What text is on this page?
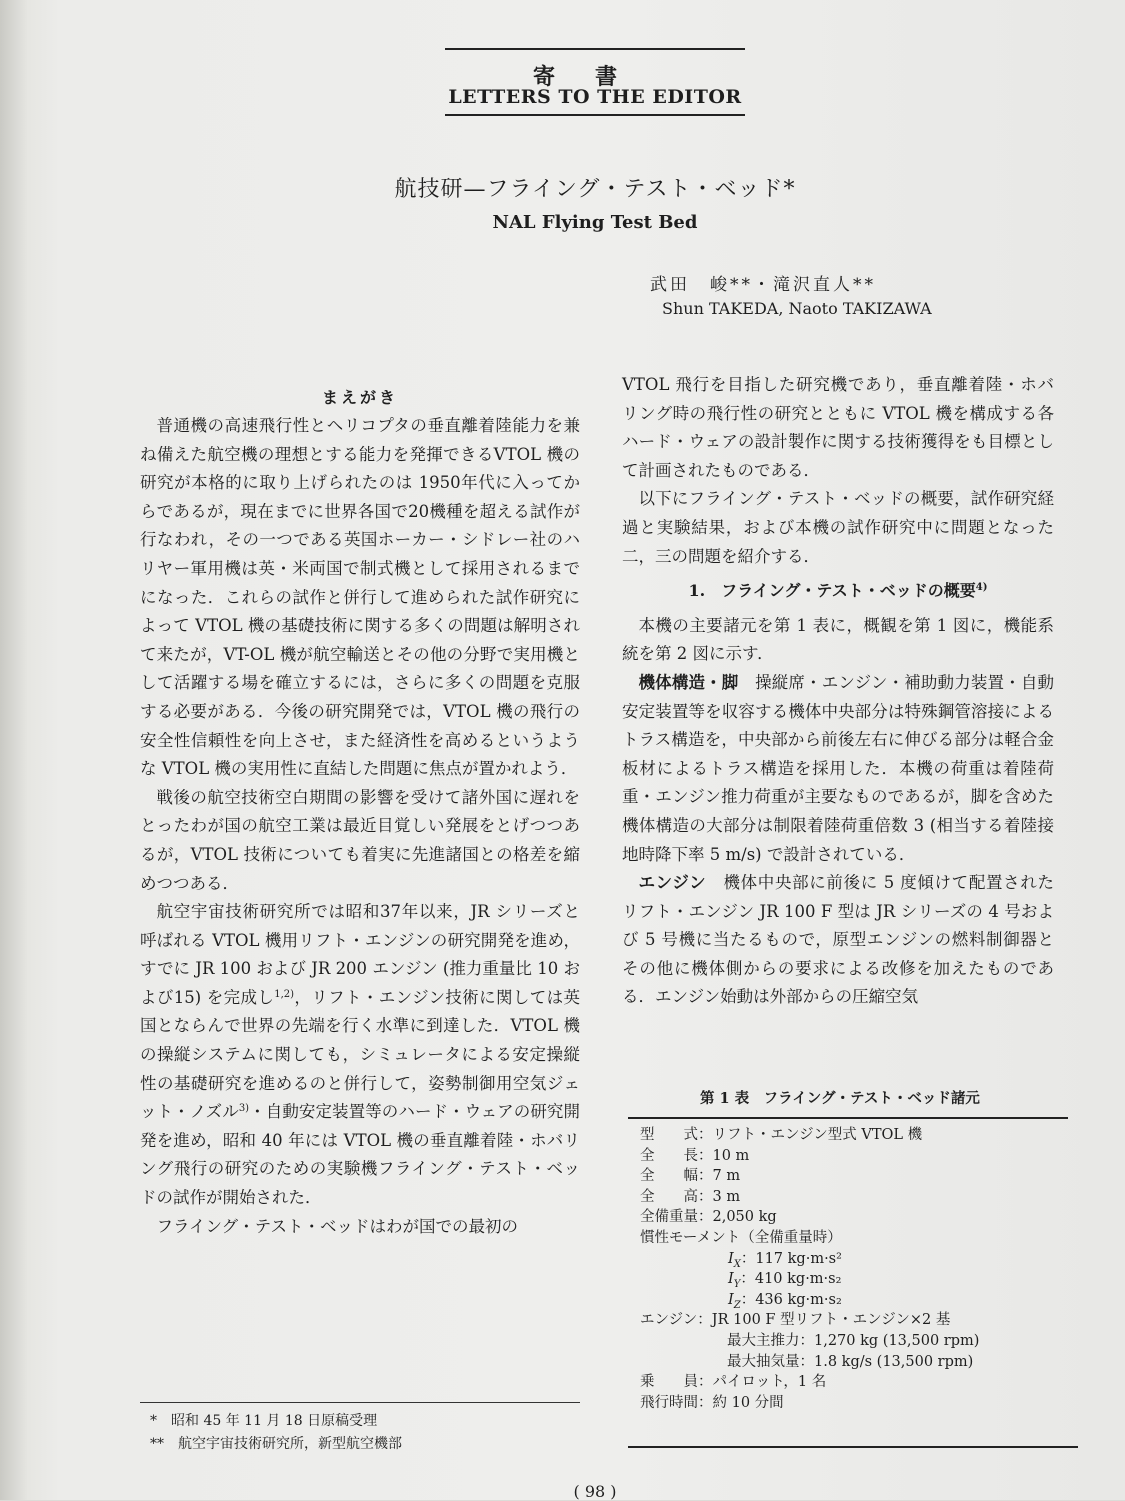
寄書
LETTERS TO THE EDITOR
航技研—フライング・テスト・ベッド*
NAL Flying Test Bed
武田　峻**・滝沢直人**
Shun TAKEDA, Naoto TAKIZAWA
まえがき

普通機の高速飛行性とヘリコプタの垂直離着陸能力を兼ね備えた航空機の理想とする能力を発揮できるVTOL 機の研究が本格的に取り上げられたのは 1950年代に入ってからであるが，現在までに世界各国で20機種を超える試作が行なわれ，その一つである英国ホーカー・シドレー社のハリヤー軍用機は英・米両国で制式機として採用されるまでになった．これらの試作と併行して進められた試作研究によって VTOL 機の基礎技術に関する多くの問題は解明されて来たが，VT-OL 機が航空輸送とその他の分野で実用機として活躍する場を確立するには，さらに多くの問題を克服する必要がある．今後の研究開発では，VTOL 機の飛行の安全性信頼性を向上させ，また経済性を高めるというような VTOL 機の実用性に直結した問題に焦点が置かれよう．

戦後の航空技術空白期間の影響を受けて諸外国に遅れをとったわが国の航空工業は最近目覚しい発展をとげつつあるが，VTOL 技術についても着実に先進諸国との格差を縮めつつある．

航空宇宙技術研究所では昭和37年以来，JR シリーズと呼ばれる VTOL 機用リフト・エンジンの研究開発を進め，すでに JR 100 および JR 200 エンジン (推力重量比 10 および15) を完成し$^{1,2)}$，リフト・エンジン技術に関しては英国とならんで世界の先端を行く水準に到達した．VTOL 機の操縦システムに関しても，シミュレータによる安定操縦性の基礎研究を進めるのと併行して，姿勢制御用空気ジェット・ノズル$^{3)}$・自動安定装置等のハード・ウェアの研究開発を進め，昭和 40 年には VTOL 機の垂直離着陸・ホバリング飛行の研究のための実験機フライング・テスト・ベッドの試作が開始された．

フライング・テスト・ベッドはわが国での最初の

*　昭和 45 年 11 月 18 日原稿受理
**　航空宇宙技術研究所，新型航空機部

VTOL 飛行を目指した研究機であり，垂直離着陸・ホバリング時の飛行性の研究とともに VTOL 機を構成する各ハード・ウェアの設計製作に関する技術獲得をも目標として計画されたものである．

以下にフライング・テスト・ベッドの概要，試作研究経過と実験結果，および本機の試作研究中に問題となった二，三の問題を紹介する．

1.　フライング・テスト・ベッドの概要$^{4)}$

本機の主要諸元を第 1 表に，概観を第 1 図に，機能系統を第 2 図に示す．

機体構造・脚　操縦席・エンジン・補助動力装置・自動安定装置等を収容する機体中央部分は特殊鋼管溶接によるトラス構造を，中央部から前後左右に伸びる部分は軽合金板材によるトラス構造を採用した．本機の荷重は着陸荷重・エンジン推力荷重が主要なものであるが，脚を含めた機体構造の大部分は制限着陸荷重倍数 3 (相当する着陸接地時降下率 5 m/s) で設計されている．

エンジン　機体中央部に前後に 5 度傾けて配置されたリフト・エンジン JR 100 F 型は JR シリーズの 4 号および 5 号機に当たるもので，原型エンジンの燃料制御器とその他に機体側からの要求による改修を加えたものである．エンジン始動は外部からの圧縮空気

第 1 表　フライング・テスト・ベッド諸元
型　　式：リフト・エンジン型式 VTOL 機
全　　長：10 m
全　　幅：7 m
全　　高：3 m
全備重量：2,050 kg
慣性モーメント（全備重量時）
$I_X$：117 kg·m·s²
$I_Y$：410 kg·m·s₂
$I_Z$：436 kg·m·s₂
エンジン：JR 100 F 型リフト・エンジン×2 基
　　　　　　最大主推力：1,270 kg (13,500 rpm)
　　　　　　最大抽気量：1.8 kg/s (13,500 rpm)
乗　　員：パイロット，1 名
飛行時間：約 10 分間
( 98 )
